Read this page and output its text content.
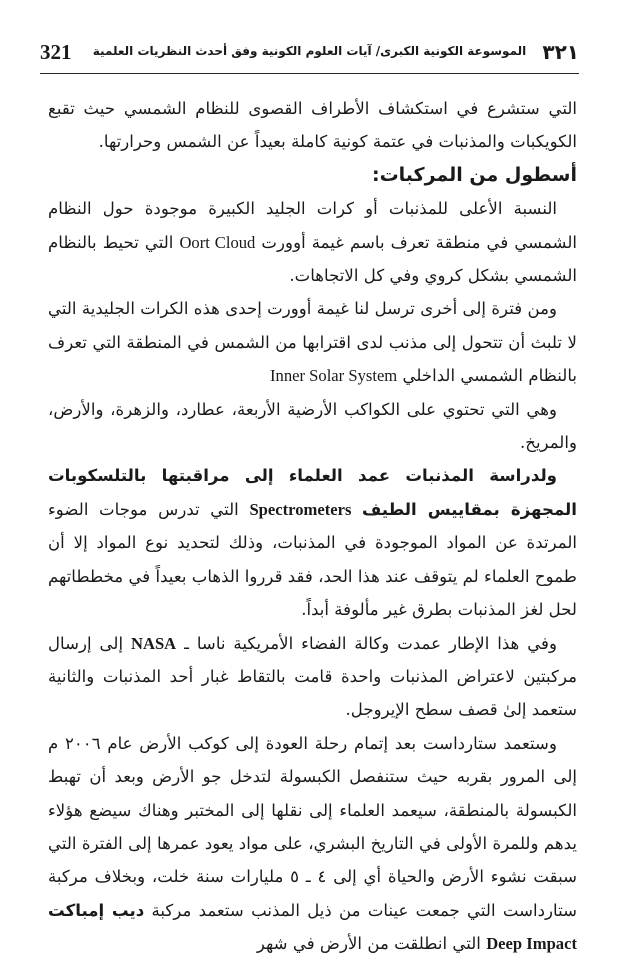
321	الموسوعة الكونية الكبرى/ آيات العلوم الكونية وفق أحدث النظريات العلمية ٣٢١

التي ستشرع في استكشاف الأطراف القصوى للنظام الشمسي حيث تقبع الكويكبات والمذنبات في عتمة كونية كاملة بعيداً عن الشمس وحرارتها.

أسطول من المركبات:

النسبة الأعلى للمذنبات أو كرات الجليد الكبيرة موجودة حول النظام الشمسي في منطقة تعرف باسم غيمة أوورت Oort Cloud التي تحيط بالنظام الشمسي بشكل كروي وفي كل الاتجاهات.

ومن فترة إلى أخرى ترسل لنا غيمة أوورت إحدى هذه الكرات الجليدية التي لا تلبث أن تتحول إلى مذنب لدى اقترابها من الشمس في المنطقة التي تعرف بالنظام الشمسي الداخلي Inner Solar System

وهي التي تحتوي على الكواكب الأرضية الأربعة، عطارد، والزهرة، والأرض، والمريخ.

ولدراسة المذنبات عمد العلماء إلى مراقبتها بالتلسكوبات المجهزة بمقاييس الطيف Spectrometers التي تدرس موجات الضوء المرتدة عن المواد الموجودة في المذنبات، وذلك لتحديد نوع المواد إلا أن طموح العلماء لم يتوقف عند هذا الحد، فقد قرروا الذهاب بعيداً في مخططاتهم لحل لغز المذنبات بطرق غير مألوفة أبداً.

وفي هذا الإطار عمدت وكالة الفضاء الأمريكية ناسا ـ NASA إلى إرسال مركبتين لاعتراض المذنبات واحدة قامت بالتقاط غبار أحد المذنبات والثانية ستعمد إلىٰ قصف سطح الإيروجل.

وستعمد ستارداست بعد إتمام رحلة العودة إلى كوكب الأرض عام ٢٠٠٦ م إلى المرور بقربه حيث ستنفصل الكبسولة لتدخل جو الأرض وبعد أن تهبط الكبسولة بالمنطقة، سيعمد العلماء إلى نقلها إلى المختبر وهناك سيضع هؤلاء يدهم وللمرة الأولى في التاريخ البشري، على مواد يعود عمرها إلى الفترة التي سبقت نشوء الأرض والحياة أي إلى ٤ ـ ٥ مليارات سنة خلت، وبخلاف مركبة ستارداست التي جمعت عينات من ذيل المذنب ستعمد مركبة ديب إمباكت Deep Impact التي انطلقت من الأرض في شهر
